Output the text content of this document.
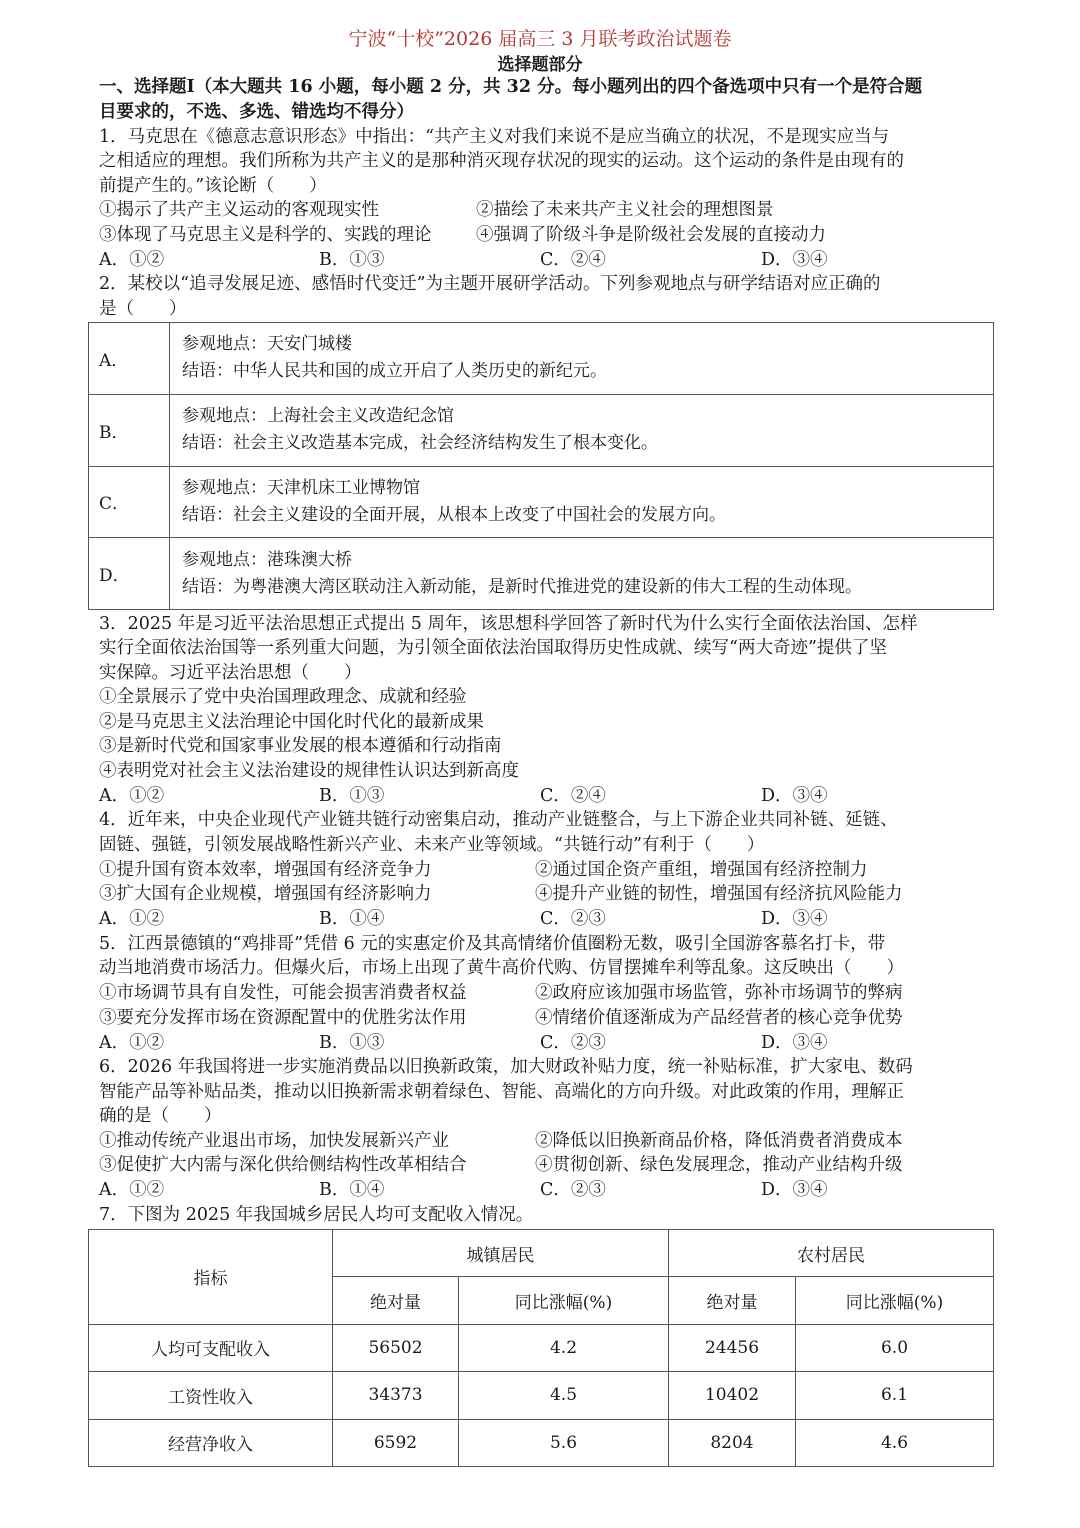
宁波“十校”2026 届高三 3 月联考政治试题卷
选择题部分
一、选择题I（本大题共 16 小题，每小题 2 分，共 32 分。每小题列出的四个备选项中只有一个是符合题
目要求的，不选、多选、错选均不得分）
1．马克思在《德意志意识形态》中指出：“共产主义对我们来说不是应当确立的状况，不是现实应当与
之相适应的理想。我们所称为共产主义的是那种消灭现存状况的现实的运动。这个运动的条件是由现有的
前提产生的。”该论断（　　）
①揭示了共产主义运动的客观现实性	②描绘了未来共产主义社会的理想图景
③体现了马克思主义是科学的、实践的理论	④强调了阶级斗争是阶级社会发展的直接动力
A．①②	B．①③	C．②④	D．③④
2．某校以“追寻发展足迹、感悟时代变迁”为主题开展研学活动。下列参观地点与研学结语对应正确的
是（　　）
A．	参观地点：天安门城楼
结语：中华人民共和国的成立开启了人类历史的新纪元。

B．	参观地点：上海社会主义改造纪念馆
结语：社会主义改造基本完成，社会经济结构发生了根本变化。

C．	参观地点：天津机床工业博物馆
结语：社会主义建设的全面开展，从根本上改变了中国社会的发展方向。

D．	参观地点：港珠澳大桥
结语：为粤港澳大湾区联动注入新动能，是新时代推进党的建设新的伟大工程的生动体现。
3．2025 年是习近平法治思想正式提出 5 周年，该思想科学回答了新时代为什么实行全面依法治国、怎样
实行全面依法治国等一系列重大问题，为引领全面依法治国取得历史性成就、续写“两大奇迹”提供了坚
实保障。习近平法治思想（　　）
①全景展示了党中央治国理政理念、成就和经验
②是马克思主义法治理论中国化时代化的最新成果
③是新时代党和国家事业发展的根本遵循和行动指南
④表明党对社会主义法治建设的规律性认识达到新高度
A．①②	B．①③	C．②④	D．③④
4．近年来，中央企业现代产业链共链行动密集启动，推动产业链整合，与上下游企业共同补链、延链、
固链、强链，引领发展战略性新兴产业、未来产业等领域。“共链行动”有利于（　　）
①提升国有资本效率，增强国有经济竞争力	②通过国企资产重组，增强国有经济控制力
③扩大国有企业规模，增强国有经济影响力	④提升产业链的韧性，增强国有经济抗风险能力
A．①②	B．①④	C．②③	D．③④
5．江西景德镇的“鸡排哥”凭借 6 元的实惠定价及其高情绪价值圈粉无数，吸引全国游客慕名打卡，带
动当地消费市场活力。但爆火后，市场上出现了黄牛高价代购、仿冒摆摊牟利等乱象。这反映出（　　）
①市场调节具有自发性，可能会损害消费者权益	②政府应该加强市场监管，弥补市场调节的弊病
③要充分发挥市场在资源配置中的优胜劣汰作用	④情绪价值逐渐成为产品经营者的核心竞争优势
A．①②	B．①③	C．②③	D．③④
6．2026 年我国将进一步实施消费品以旧换新政策，加大财政补贴力度，统一补贴标准，扩大家电、数码
智能产品等补贴品类，推动以旧换新需求朝着绿色、智能、高端化的方向升级。对此政策的作用，理解正
确的是（　　）
①推动传统产业退出市场，加快发展新兴产业	②降低以旧换新商品价格，降低消费者消费成本
③促使扩大内需与深化供给侧结构性改革相结合	④贯彻创新、绿色发展理念，推动产业结构升级
A．①②	B．①④	C．②③	D．③④
7．下图为 2025 年我国城乡居民人均可支配收入情况。
指标	城镇居民		农村居民	
	绝对量	同比涨幅(%)	绝对量	同比涨幅(%)
人均可支配收入	56502	4.2	24456	6.0
工资性收入	34373	4.5	10402	6.1
经营净收入	6592	5.6	8204	4.6
